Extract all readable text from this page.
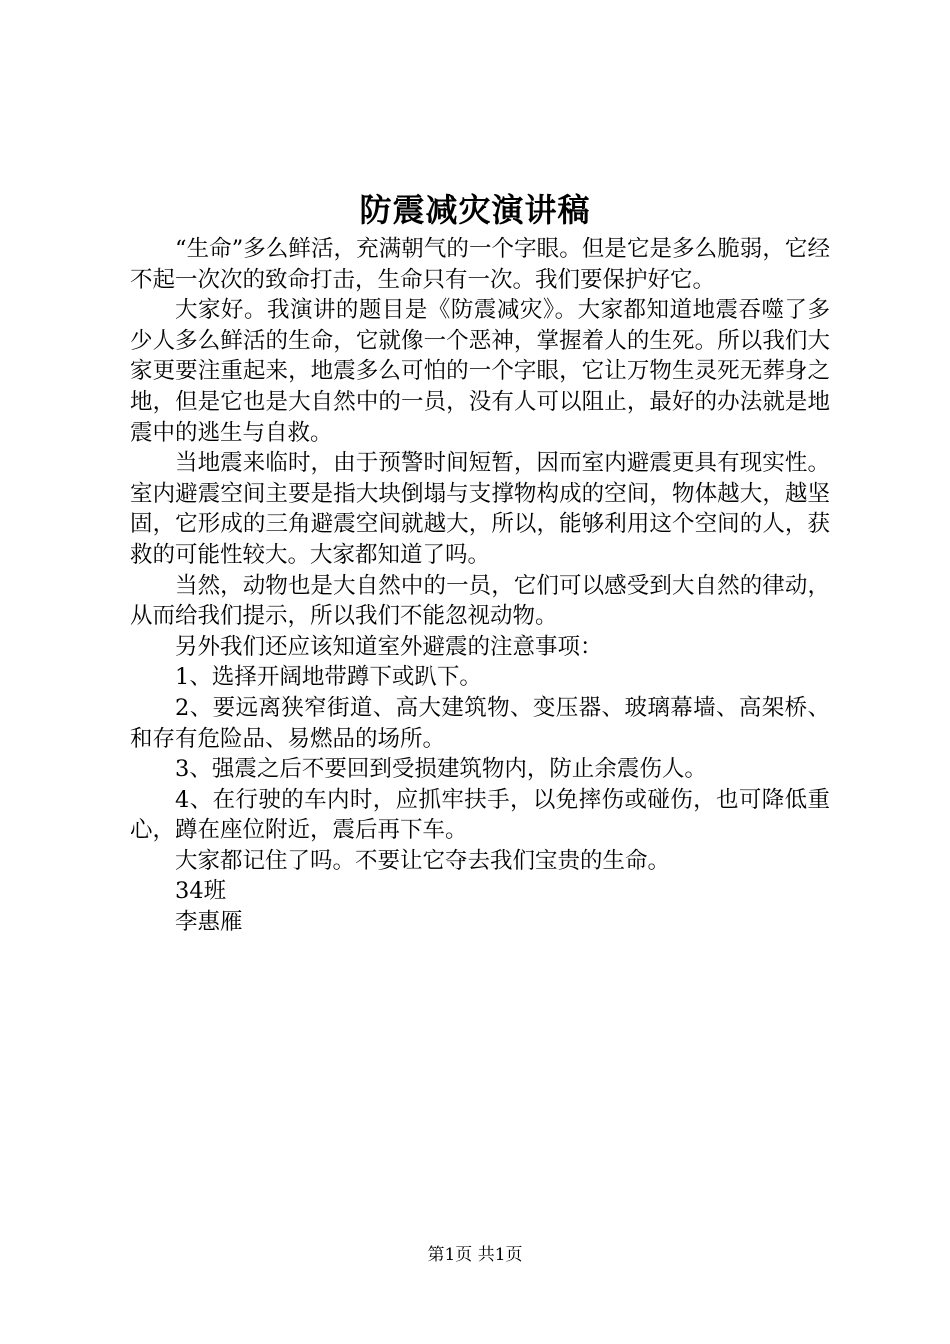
防震减灾演讲稿

“生命”多么鲜活，充满朝气的一个字眼。但是它是多么脆弱，它经不起一次次的致命打击，生命只有一次。我们要保护好它。

大家好。我演讲的题目是《防震减灾》。大家都知道地震吞噬了多少人多么鲜活的生命，它就像一个恶神，掌握着人的生死。所以我们大家更要注重起来，地震多么可怕的一个字眼，它让万物生灵死无葬身之地，但是它也是大自然中的一员，没有人可以阻止，最好的办法就是地震中的逃生与自救。

当地震来临时，由于预警时间短暂，因而室内避震更具有现实性。室内避震空间主要是指大块倒塌与支撑物构成的空间，物体越大，越坚固，它形成的三角避震空间就越大，所以，能够利用这个空间的人，获救的可能性较大。大家都知道了吗。

当然，动物也是大自然中的一员，它们可以感受到大自然的律动，从而给我们提示，所以我们不能忽视动物。

另外我们还应该知道室外避震的注意事项：

1、选择开阔地带蹲下或趴下。

2、要远离狭窄街道、高大建筑物、变压器、玻璃幕墙、高架桥、和存有危险品、易燃品的场所。

3、强震之后不要回到受损建筑物内，防止余震伤人。

4、在行驶的车内时，应抓牢扶手，以免摔伤或碰伤，也可降低重心，蹲在座位附近，震后再下车。

大家都记住了吗。不要让它夺去我们宝贵的生命。

34班

李惠雁

第1页 共1页
